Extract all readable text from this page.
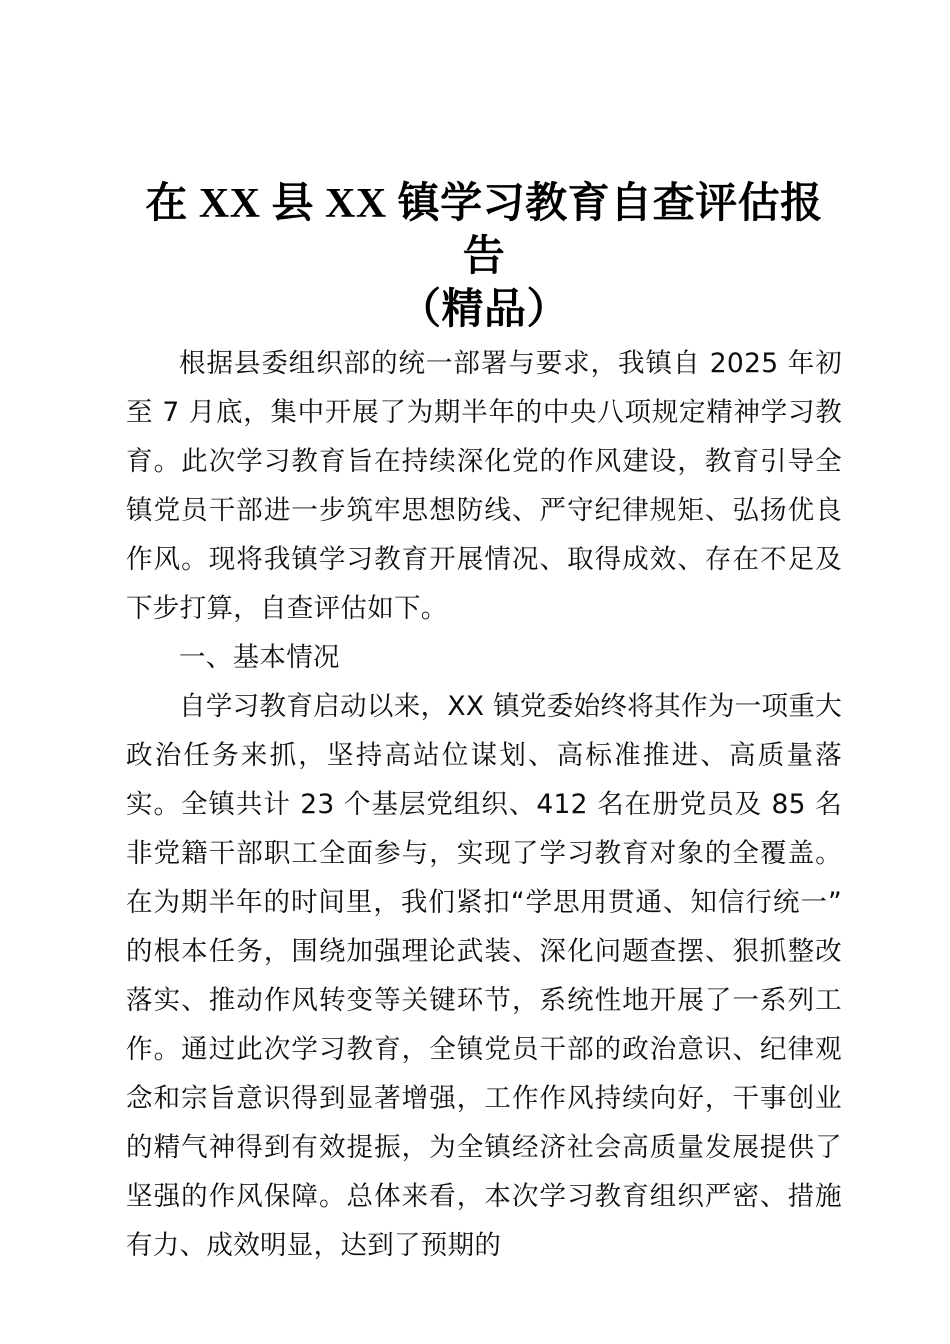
在 XX 县 XX 镇学习教育自查评估报告
（精品）

根据县委组织部的统一部署与要求，我镇自 2025 年初至 7 月底，集中开展了为期半年的中央八项规定精神学习教育。此次学习教育旨在持续深化党的作风建设，教育引导全镇党员干部进一步筑牢思想防线、严守纪律规矩、弘扬优良作风。现将我镇学习教育开展情况、取得成效、存在不足及下步打算，自查评估如下。

一、基本情况

自学习教育启动以来，XX 镇党委始终将其作为一项重大政治任务来抓，坚持高站位谋划、高标准推进、高质量落实。全镇共计 23 个基层党组织、412 名在册党员及 85 名非党籍干部职工全面参与，实现了学习教育对象的全覆盖。在为期半年的时间里，我们紧扣“学思用贯通、知信行统一”的根本任务，围绕加强理论武装、深化问题查摆、狠抓整改落实、推动作风转变等关键环节，系统性地开展了一系列工作。通过此次学习教育，全镇党员干部的政治意识、纪律观念和宗旨意识得到显著增强，工作作风持续向好，干事创业的精气神得到有效提振，为全镇经济社会高质量发展提供了坚强的作风保障。总体来看，本次学习教育组织严密、措施有力、成效明显，达到了预期的
